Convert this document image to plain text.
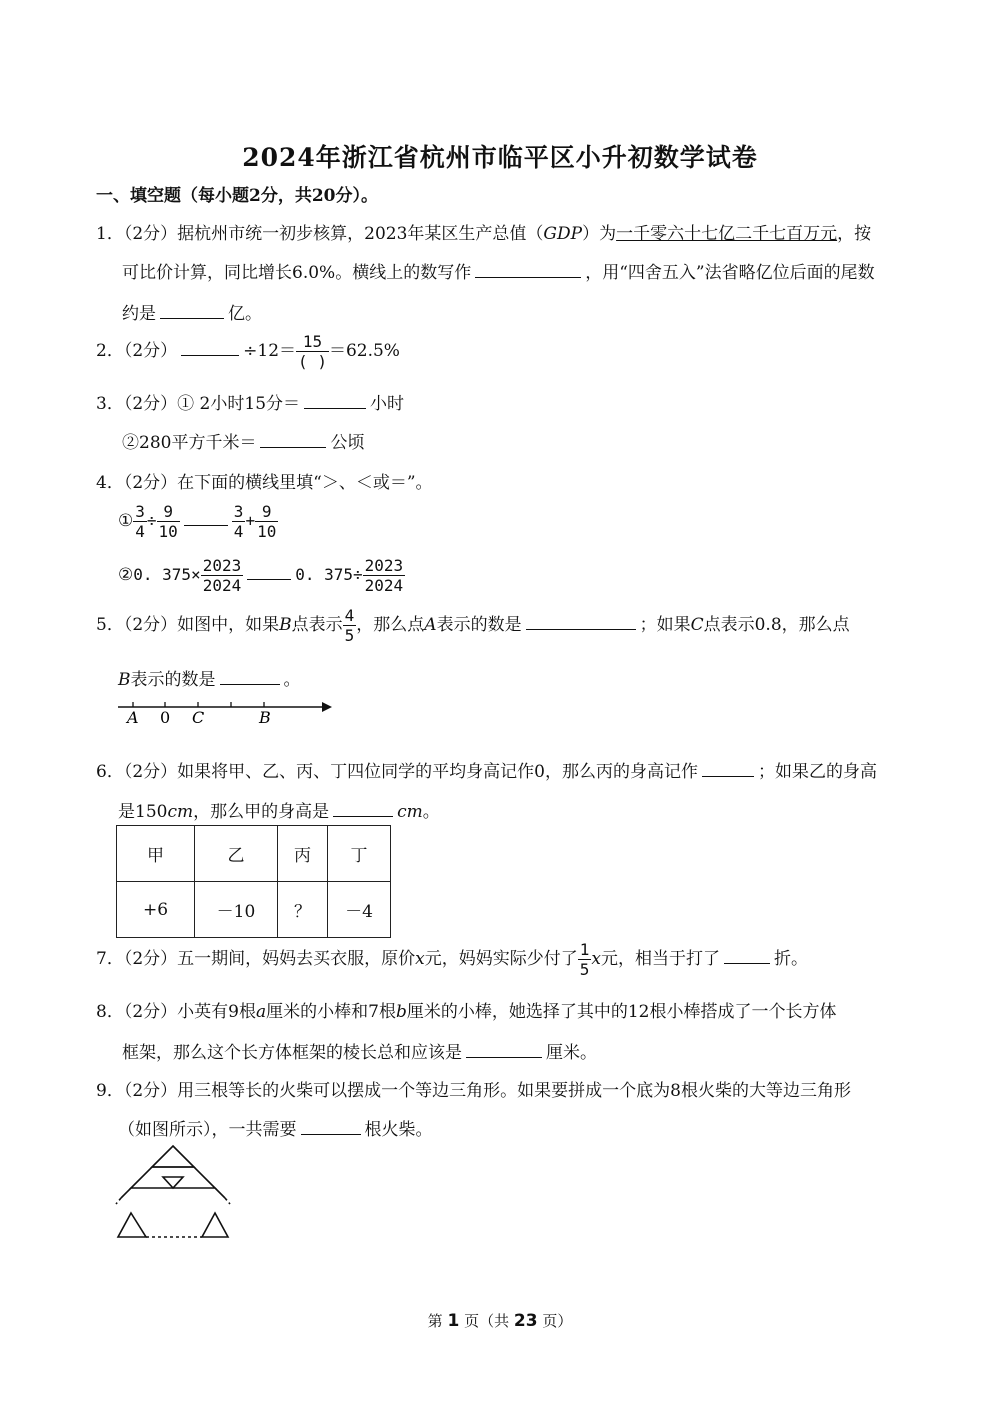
2024年浙江省杭州市临平区小升初数学试卷
一、填空题（每小题2分，共20分）。
1．（2分）据杭州市统一初步核算，2023年某区生产总值（GDP）为一千零六十七亿二千七百万元，按
可比价计算，同比增长6.0%。横线上的数写作	，用“四舍五入”法省略亿位后面的尾数
约是	亿。
2．（2分）	$\div 12= \frac{15}{( )} =62.5\%$
3．（2分）① 2小时15分＝	小时
②280平方千米＝	公顷
4．（2分）在下面的横线里填“＞、＜或＝”。
① $\frac{3}{4} \div \frac{9}{10}$	$\frac{3}{4} + \frac{9}{10}$
②0. $375\times \frac{2023}{2024}$	0. $375\div \frac{2023}{2024}$
5．（2分）如图中，如果B点表示 $\frac{4}{5}$ ，那么点A表示的数是	；如果C点表示0.8，那么点
B表示的数是	。
A 0 C	B
6．（2分）如果将甲、乙、丙、丁四位同学的平均身高记作0，那么丙的身高记作	；如果乙的身高
是150cm，那么甲的身高是	cm。
甲	乙	丙	丁
+6	－10	？	－4
7．（2分）五一期间，妈妈去买衣服，原价x元，妈妈实际少付了 $\frac{1}{5}$ x元，相当于打了	折。
8．（2分）小英有9根a厘米的小棒和7根b厘米的小棒，她选择了其中的12根小棒搭成了一个长方体
框架，那么这个长方体框架的棱长总和应该是	厘米。
9．（2分）用三根等长的火柴可以摆成一个等边三角形。如果要拼成一个底为8根火柴的大等边三角形
（如图所示），一共需要	根火柴。
第 1 页（共 23 页）
